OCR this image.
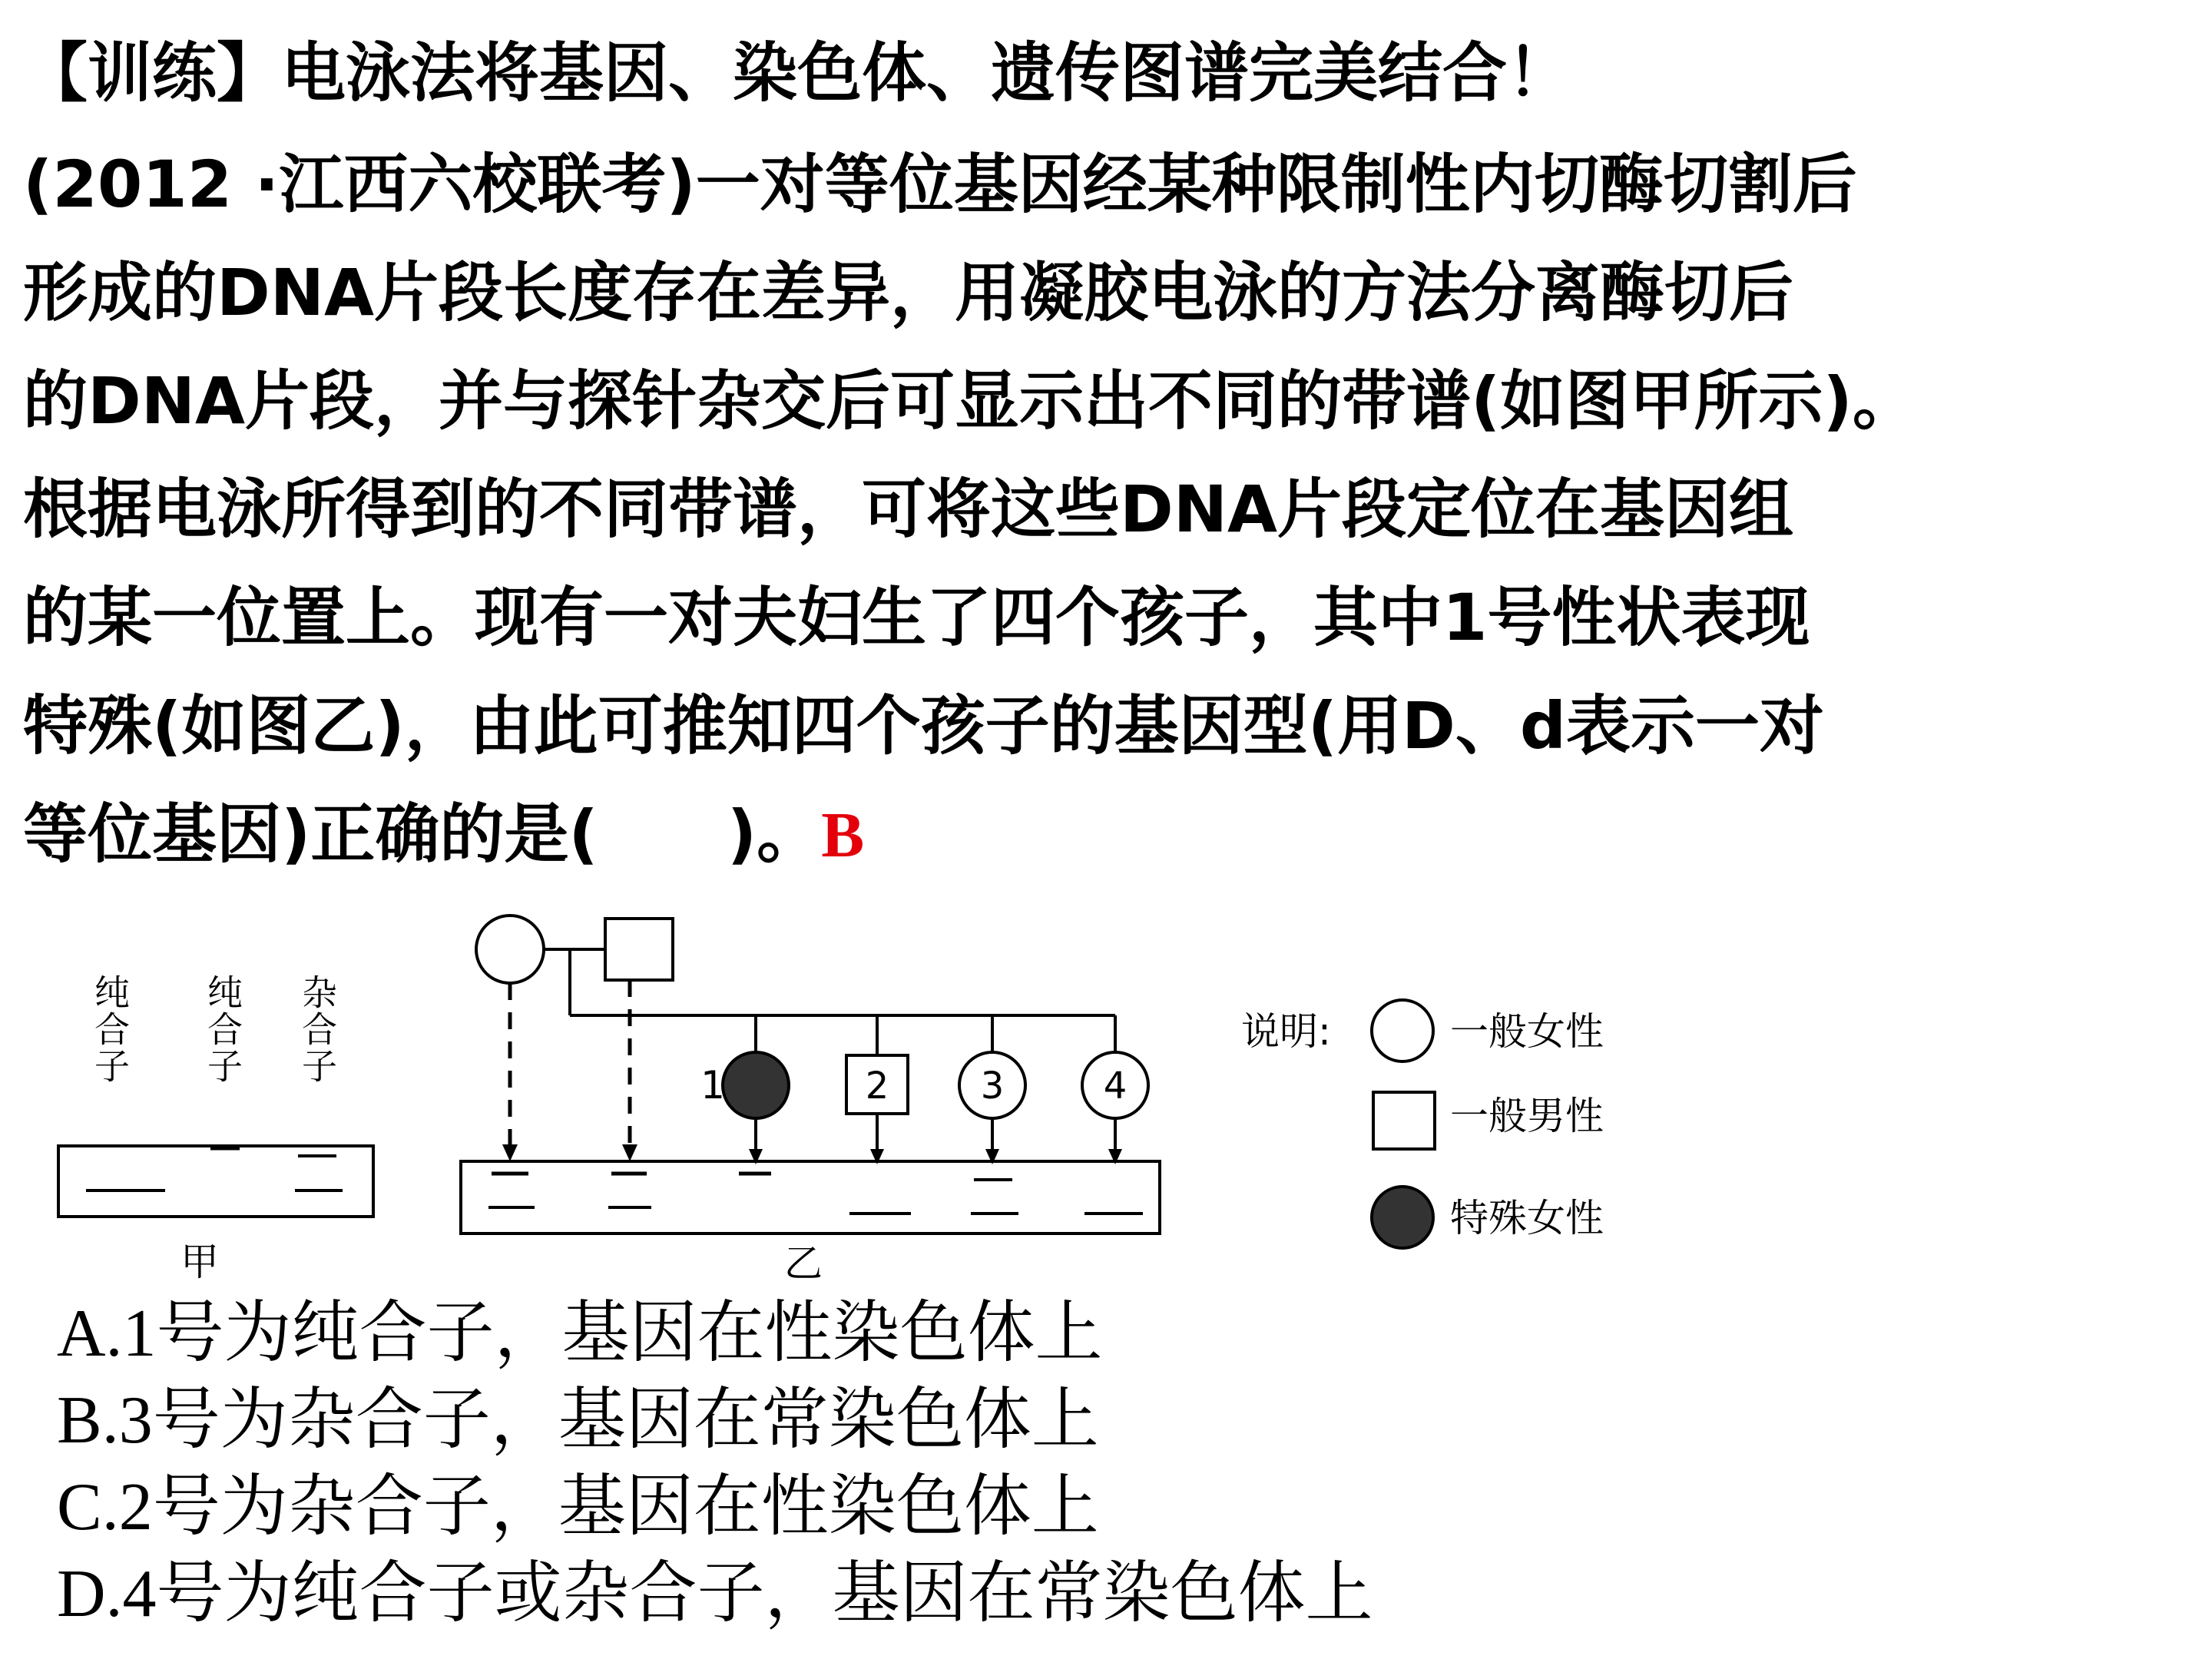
【训练】电泳法将基因、染色体、遗传图谱完美结合！
(2012 ·江西六校联考)一对等位基因经某种限制性内切酶切割后
形成的DNA片段长度存在差异，用凝胶电泳的方法分离酶切后
的DNA片段，并与探针杂交后可显示出不同的带谱(如图甲所示)。
根据电泳所得到的不同带谱，可将这些DNA片段定位在基因组
的某一位置上。现有一对夫妇生了四个孩子，其中1号性状表现
特殊(如图乙)，由此可推知四个孩子的基因型(用D、d表示一对
等位基因)正确的是(　　)。B
纯合子 纯合子 杂合子
甲
1	2 3	4
乙
说明:	一般女性
一般男性
特殊女性
A.1号为纯合子，基因在性染色体上
B.3号为杂合子，基因在常染色体上
C.2号为杂合子，基因在性染色体上
D.4号为纯合子或杂合子，基因在常染色体上
